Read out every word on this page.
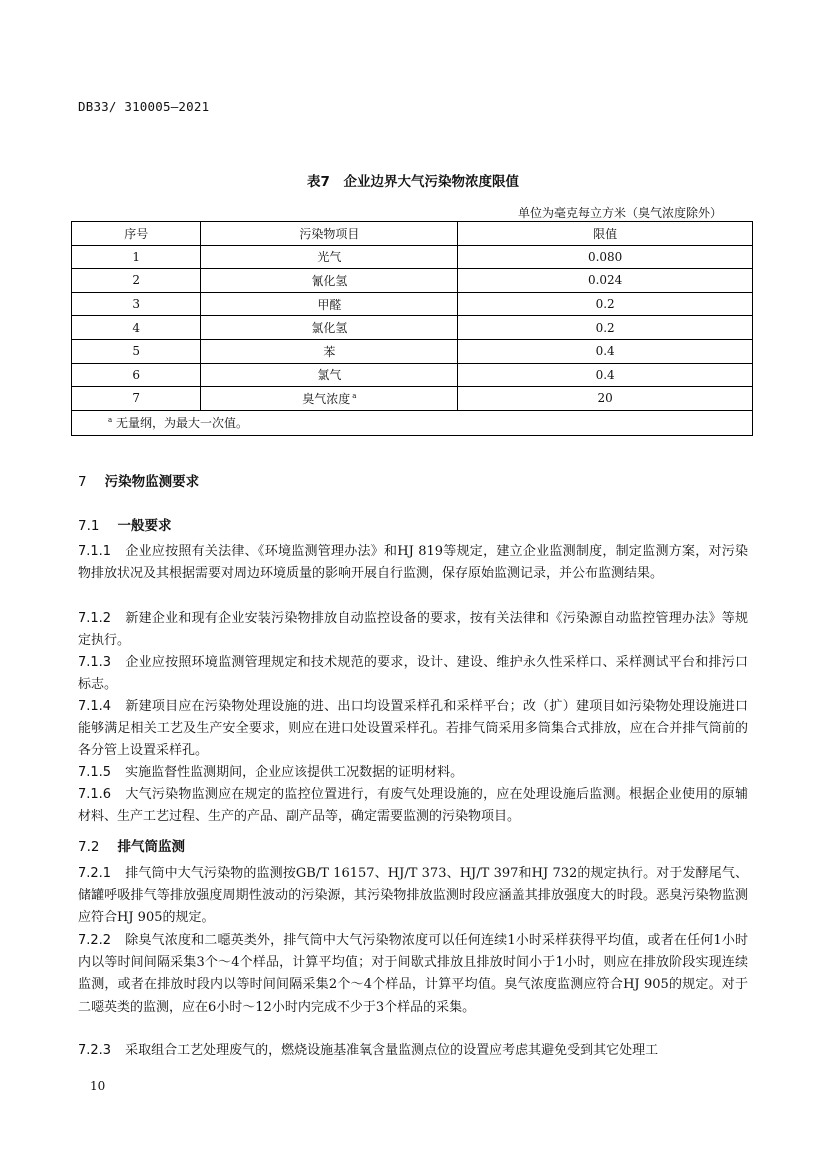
DB33/ 310005—2021
表7　企业边界大气污染物浓度限值
单位为毫克每立方米（臭气浓度除外）
序号	污染物项目	限值
1	光气	0.080
2	氰化氢	0.024
3	甲醛	0.2
4	氯化氢	0.2
5	苯	0.4
6	氯气	0.4
7	臭气浓度 $^a$	20
$^a$ 无量纲，为最大一次值。		
7 污染物监测要求
7.1 一般要求
7.1.1 企业应按照有关法律、《环境监测管理办法》和HJ 819等规定，建立企业监测制度，制定监测方案，对污染物排放状况及其根据需要对周边环境质量的影响开展自行监测，保存原始监测记录，并公布监测结果。
7.1.2 新建企业和现有企业安装污染物排放自动监控设备的要求，按有关法律和《污染源自动监控管理办法》等规定执行。
7.1.3 企业应按照环境监测管理规定和技术规范的要求，设计、建设、维护永久性采样口、采样测试平台和排污口标志。
7.1.4 新建项目应在污染物处理设施的进、出口均设置采样孔和采样平台；改（扩）建项目如污染物处理设施进口能够满足相关工艺及生产安全要求，则应在进口处设置采样孔。若排气筒采用多筒集合式排放，应在合并排气筒前的各分管上设置采样孔。
7.1.5 实施监督性监测期间，企业应该提供工况数据的证明材料。
7.1.6 大气污染物监测应在规定的监控位置进行，有废气处理设施的，应在处理设施后监测。根据企业使用的原辅材料、生产工艺过程、生产的产品、副产品等，确定需要监测的污染物项目。
7.2 排气筒监测
7.2.1 排气筒中大气污染物的监测按GB/T 16157、HJ/T 373、HJ/T 397和HJ 732的规定执行。对于发酵尾气、储罐呼吸排气等排放强度周期性波动的污染源，其污染物排放监测时段应涵盖其排放强度大的时段。恶臭污染物监测应符合HJ 905的规定。
7.2.2 除臭气浓度和二噁英类外，排气筒中大气污染物浓度可以任何连续1小时采样获得平均值，或者在任何1小时内以等时间间隔采集3个～4个样品，计算平均值；对于间歇式排放且排放时间小于1小时，则应在排放阶段实现连续监测，或者在排放时段内以等时间间隔采集2个～4个样品，计算平均值。臭气浓度监测应符合HJ 905的规定。对于二噁英类的监测，应在6小时～12小时内完成不少于3个样品的采集。
7.2.3 采取组合工艺处理废气的，燃烧设施基准氧含量监测点位的设置应考虑其避免受到其它处理工
10
